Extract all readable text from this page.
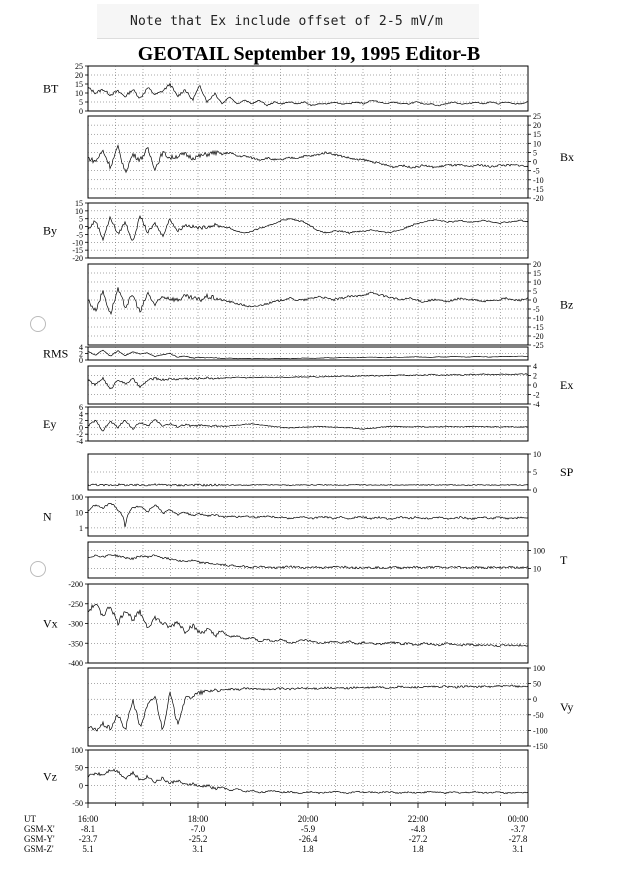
Note that Ex include offset of 2-5 mV/m
GEOTAIL September 19, 1995 Editor-B
0
5
10
15
20
25
BT
-20
-15
-10
-5
0
5
10
15
20
25
Bx
-20
-15
-10
-5
0
5
10
15
By
-25
-20
-15
-10
-5
0
5
10
15
20
Bz
0
2
4
RMS
-4
-2
0
2
4
Ex
-4
-2
0
2
4
6
Ey
0
5
10
SP
1
10
100
N
10
100
T
-400
-350
-300
-250
-200
Vx
-150
-100
-50
0
50
100
Vy
-50
0
50
100
Vz
UT
GSM-X'
GSM-Y'
GSM-Z'
16:00
-8.1
-23.7
5.1
18:00
-7.0
-25.2
3.1
20:00
-5.9
-26.4
1.8
22:00
-4.8
-27.2
1.8
00:00
-3.7
-27.8
3.1
